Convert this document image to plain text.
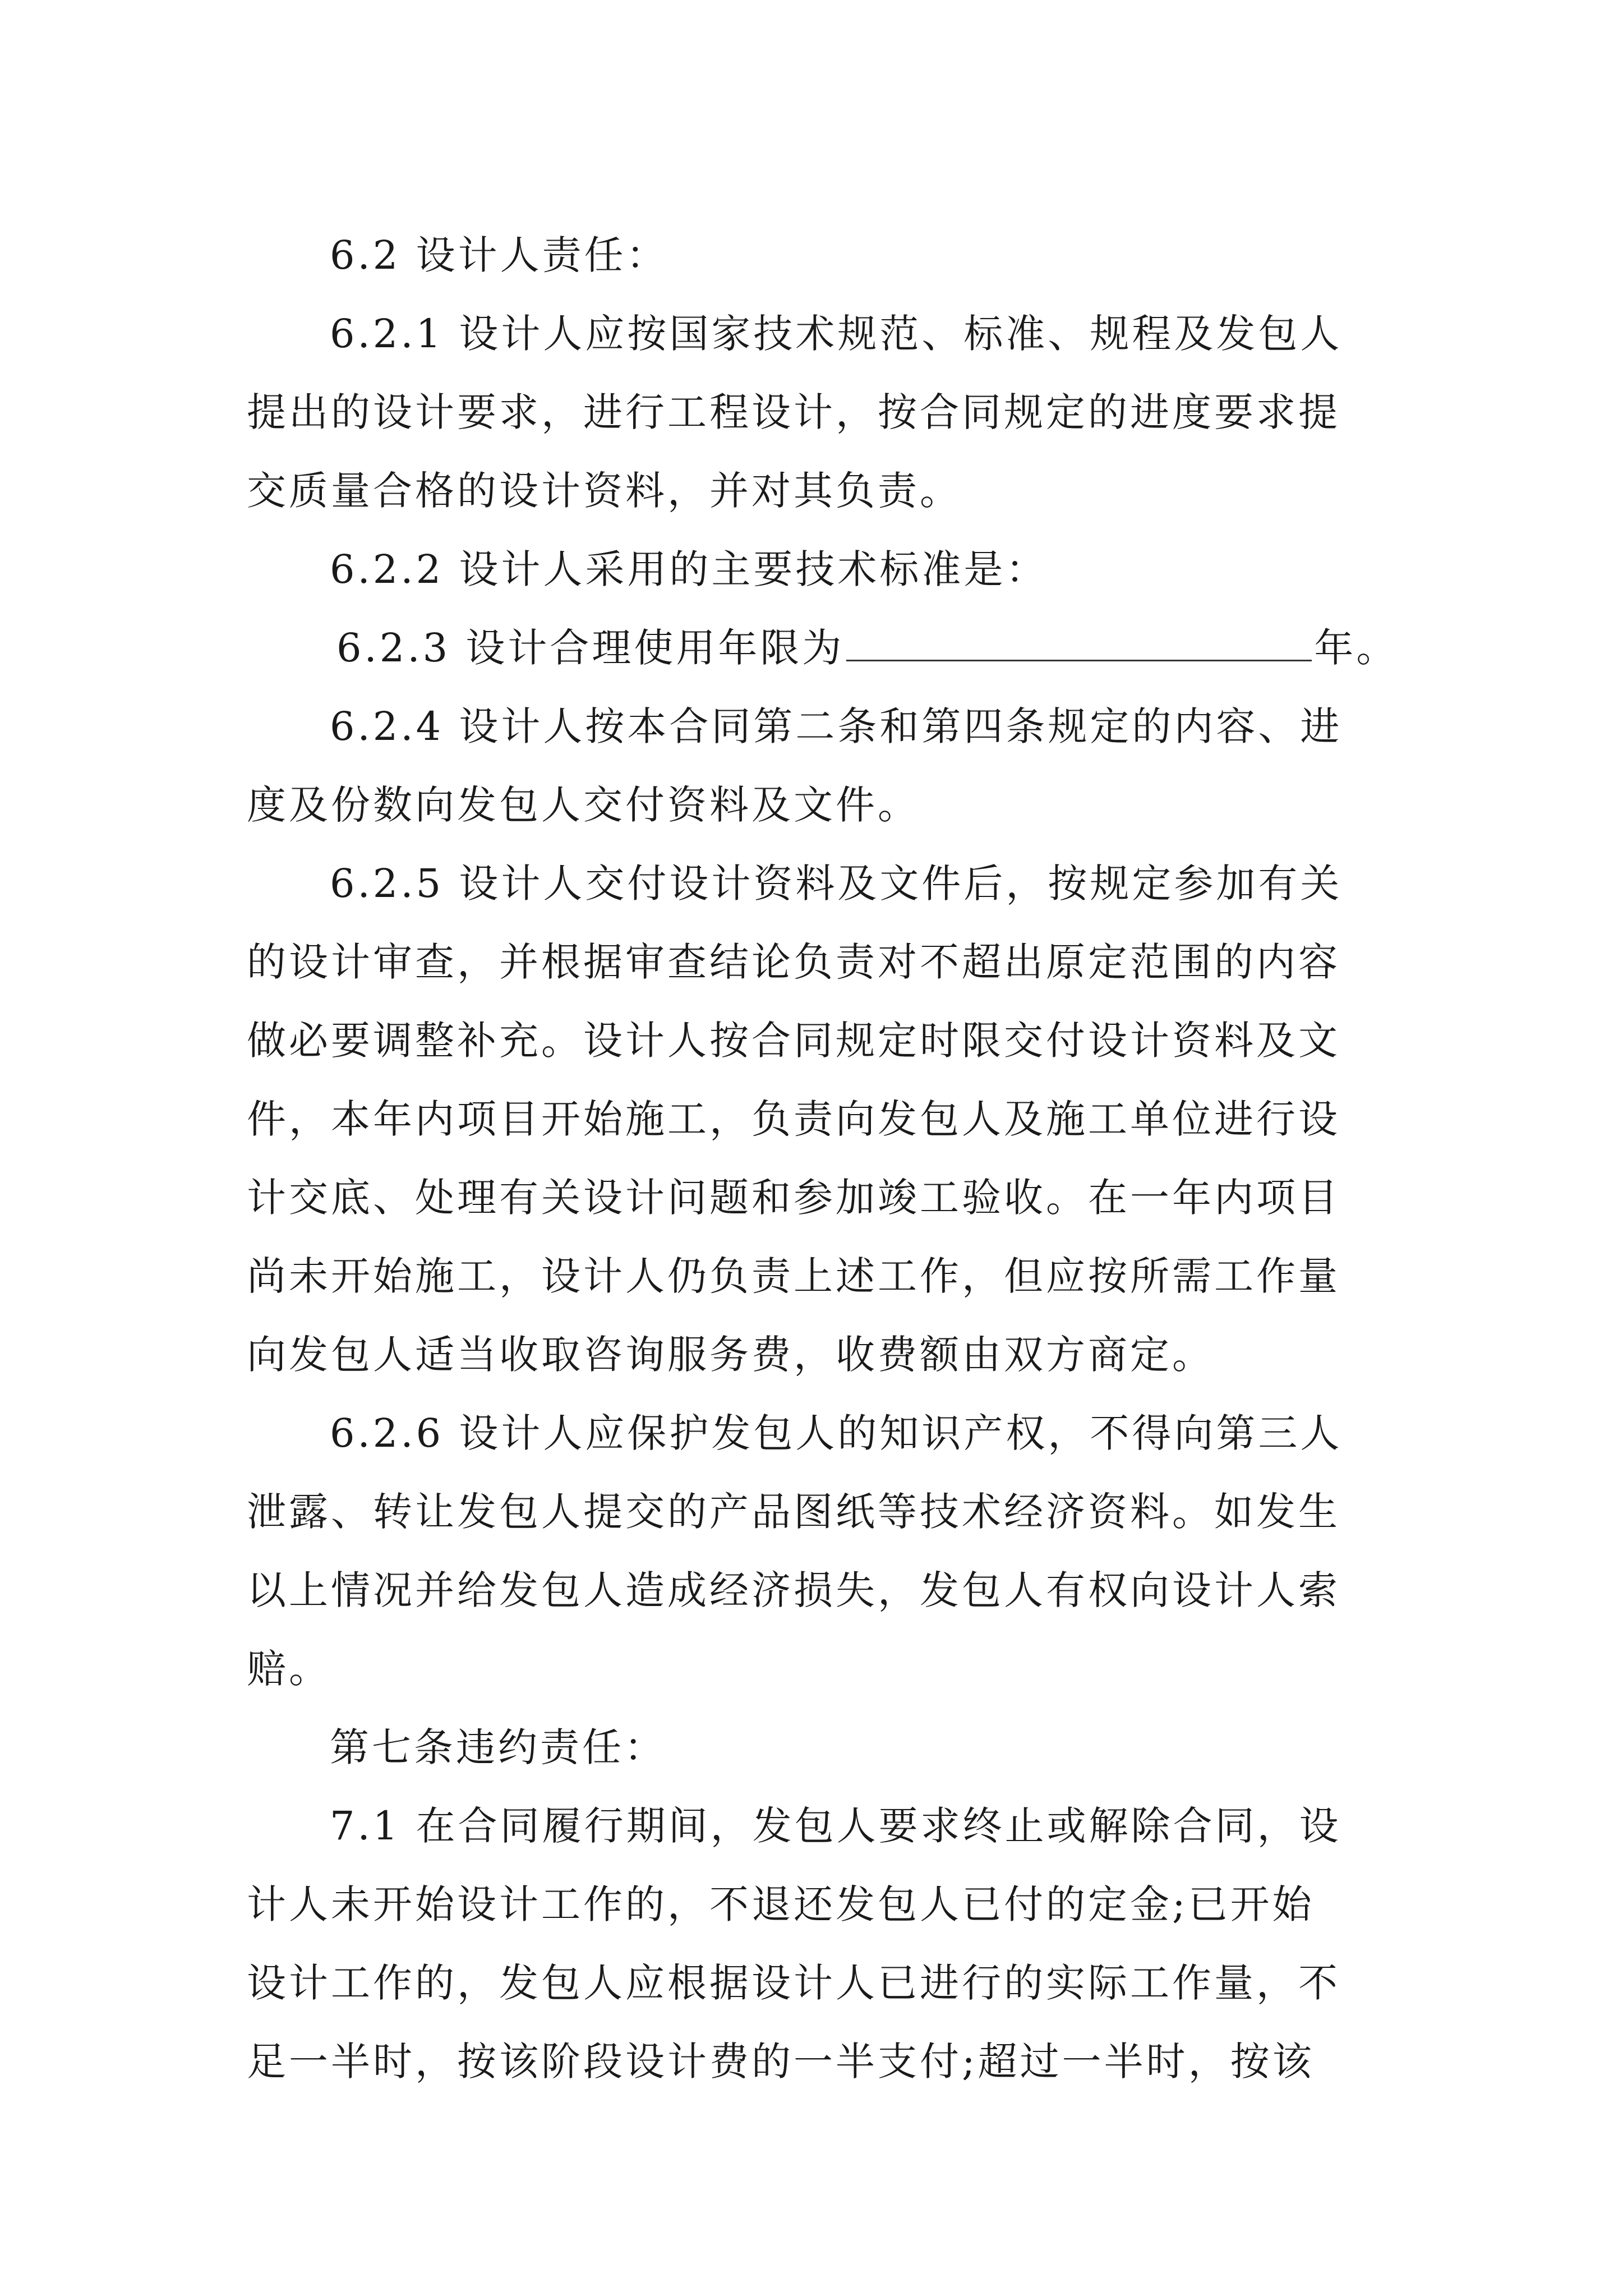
6.2 设计人责任：
6.2.1 设计人应按国家技术规范、标准、规程及发包人
提出的设计要求，进行工程设计，按合同规定的进度要求提
交质量合格的设计资料，并对其负责。
6.2.2 设计人采用的主要技术标准是：
6.2.3 设计合理使用年限为	年。
6.2.4 设计人按本合同第二条和第四条规定的内容、进
度及份数向发包人交付资料及文件。
6.2.5 设计人交付设计资料及文件后，按规定参加有关
的设计审查，并根据审查结论负责对不超出原定范围的内容
做必要调整补充。设计人按合同规定时限交付设计资料及文
件，本年内项目开始施工，负责向发包人及施工单位进行设
计交底、处理有关设计问题和参加竣工验收。在一年内项目
尚未开始施工，设计人仍负责上述工作，但应按所需工作量
向发包人适当收取咨询服务费，收费额由双方商定。
6.2.6 设计人应保护发包人的知识产权，不得向第三人
泄露、转让发包人提交的产品图纸等技术经济资料。如发生
以上情况并给发包人造成经济损失，发包人有权向设计人索
赔。
第七条违约责任：
7.1 在合同履行期间，发包人要求终止或解除合同，设
计人未开始设计工作的，不退还发包人已付的定金;已开始
设计工作的，发包人应根据设计人已进行的实际工作量，不
足一半时，按该阶段设计费的一半支付;超过一半时，按该
